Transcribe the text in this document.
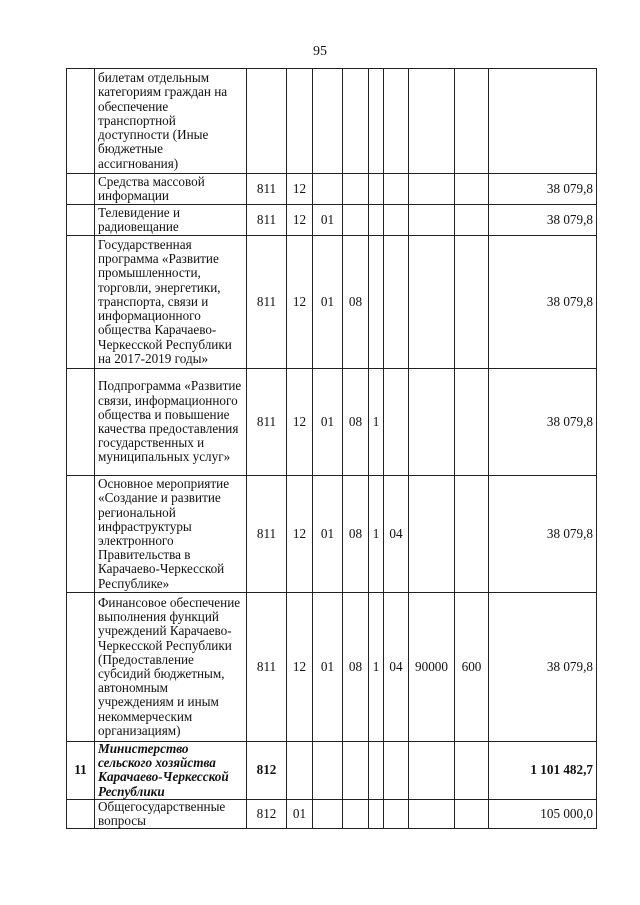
95
	билетам отдельным категориям граждан на обеспечение транспортной доступности (Иные бюджетные ассигнования)									
	Средства массовой информации	811	12							38 079,8
	Телевидение и радиовещание	811	12	01						38 079,8
	Государственная программа «Развитие промышленности, торговли, энергетики, транспорта, связи и информационного общества Карачаево-Черкесской Республики на 2017-2019 годы»	811	12	01	08					38 079,8
	Подпрограмма «Развитие связи, информационного общества и повышение качества предоставления государственных и муниципальных услуг»	811	12	01	08	1				38 079,8
	Основное мероприятие «Создание и развитие региональной инфраструктуры электронного Правительства в Карачаево-Черкесской Республике»	811	12	01	08	1	04			38 079,8
	Финансовое обеспечение выполнения функций учреждений Карачаево-Черкесской Республики (Предоставление субсидий бюджетным, автономным учреждениям и иным некоммерческим организациям)	811	12	01	08	1	04	90000	600	38 079,8
11	Министерство сельского хозяйства Карачаево-Черкесской Республики	812								1 101 482,7
	Общегосударственные вопросы	812	01							105 000,0
